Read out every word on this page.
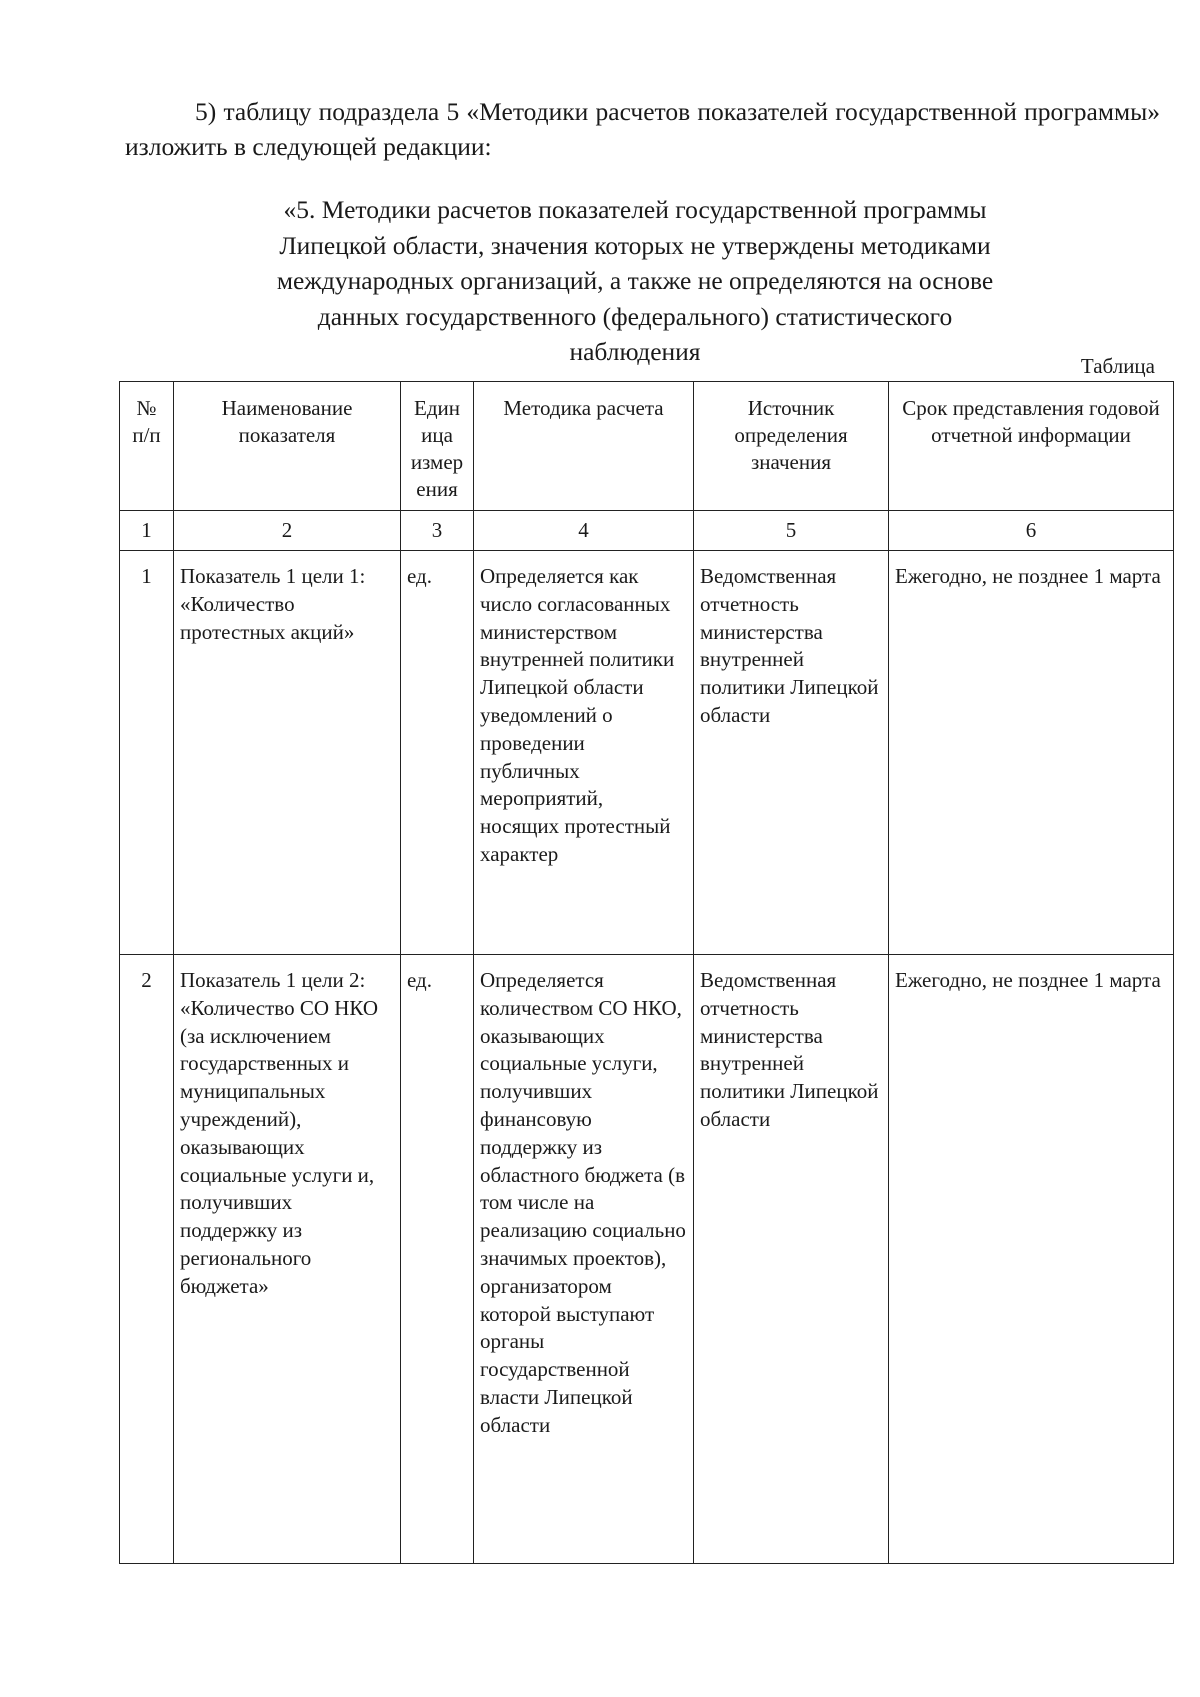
5) таблицу подраздела 5 «Методики расчетов показателей государственной программы» изложить в следующей редакции:

«5. Методики расчетов показателей государственной программы
Липецкой области, значения которых не утверждены методиками
международных организаций, а также не определяются на основе
данных государственного (федерального) статистического
наблюдения	Таблица
№ п/п	Наименование показателя	Един ица измер ения	Методика расчета	Источник определения значения	Срок представления годовой отчетной информации
1	2	3	4	5	6
1	Показатель 1 цели 1: «Количество протестных акций»	ед.	Определяется как число согласованных министерством внутренней политики Липецкой области уведомлений о проведении публичных мероприятий, носящих протестный характер	Ведомственная отчетность министерства внутренней политики Липецкой области	Ежегодно, не позднее 1 марта
2	Показатель 1 цели 2: «Количество СО НКО (за исключением государственных и муниципальных учреждений), оказывающих социальные услуги и, получивших поддержку из регионального бюджета»	ед.	Определяется количеством СО НКО, оказывающих социальные услуги, получивших финансовую поддержку из областного бюджета (в том числе на реализацию социально значимых проектов), организатором которой выступают органы государственной власти Липецкой области	Ведомственная отчетность министерства внутренней политики Липецкой области	Ежегодно, не позднее 1 марта
